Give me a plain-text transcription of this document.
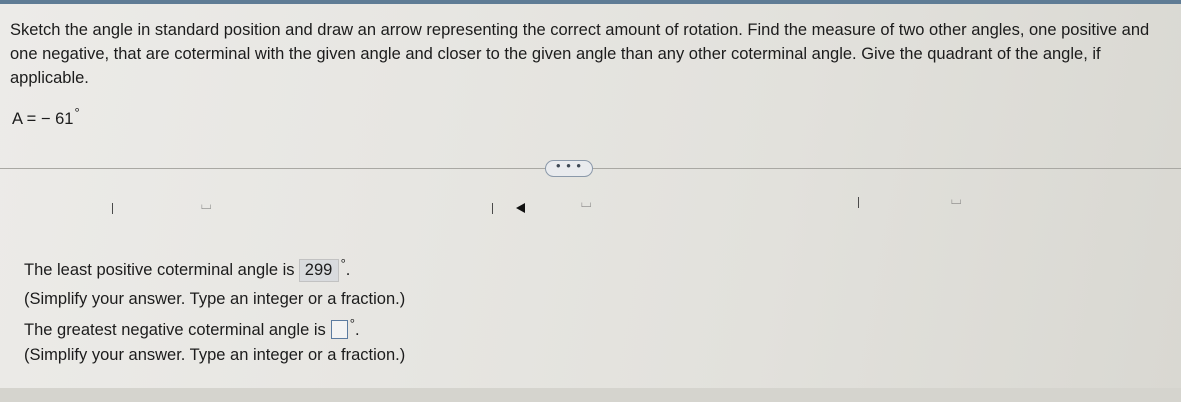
Sketch the angle in standard position and draw an arrow representing the correct amount of rotation. Find the measure of two other angles, one positive and one negative, that are coterminal with the given angle and closer to the given angle than any other coterminal angle. Give the quadrant of the angle, if applicable.

A = − 61°

• • •

⌴	⌴	⌴

The least positive coterminal angle is 299 °.

(Simplify your answer. Type an integer or a fraction.)

The greatest negative coterminal angle is °.

(Simplify your answer. Type an integer or a fraction.)
